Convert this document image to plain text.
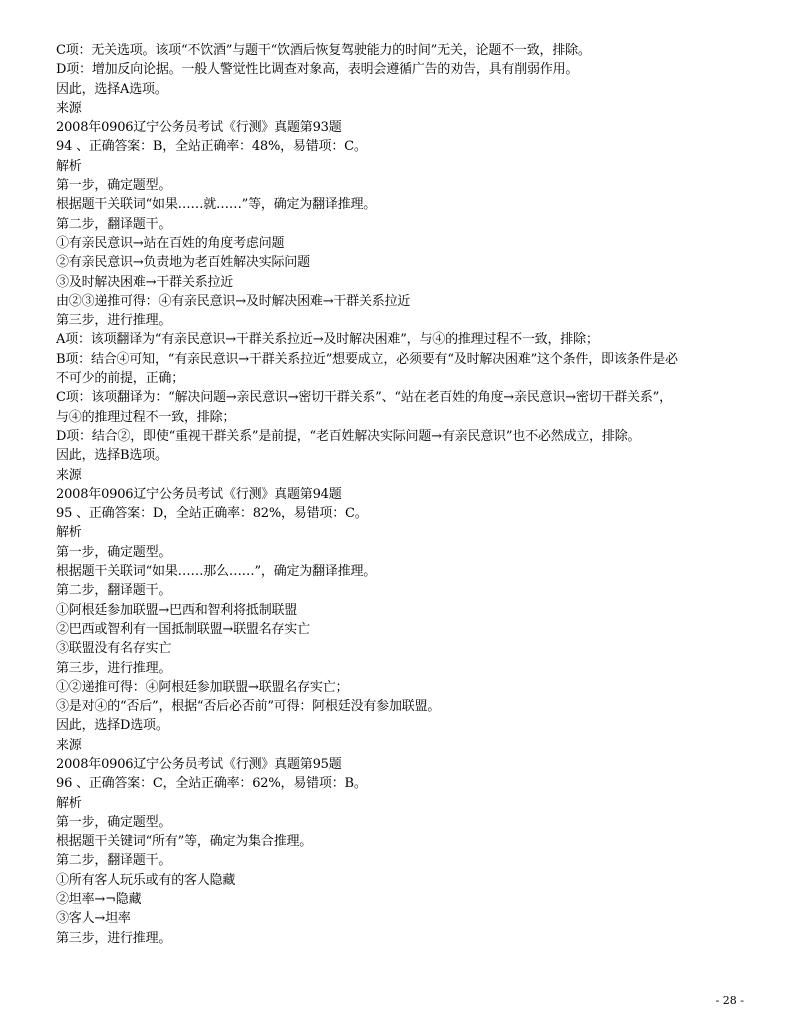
C项：无关选项。该项“不饮酒”与题干“饮酒后恢复驾驶能力的时间”无关，论题不一致，排除。
D项：增加反向论据。一般人警觉性比调查对象高，表明会遵循广告的劝告，具有削弱作用。
因此，选择A选项。
来源
2008年0906辽宁公务员考试《行测》真题第93题
94 、正确答案：B，全站正确率：48%，易错项：C。
解析
第一步，确定题型。
根据题干关联词“如果……就……”等，确定为翻译推理。
第二步，翻译题干。
①有亲民意识→站在百姓的角度考虑问题
②有亲民意识→负责地为老百姓解决实际问题
③及时解决困难→干群关系拉近
由②③递推可得：④有亲民意识→及时解决困难→干群关系拉近
第三步，进行推理。
A项：该项翻译为“有亲民意识→干群关系拉近→及时解决困难”，与④的推理过程不一致，排除；
B项：结合④可知，“有亲民意识→干群关系拉近”想要成立，必须要有“及时解决困难”这个条件，即该条件是必
不可少的前提，正确；
C项：该项翻译为：“解决问题→亲民意识→密切干群关系”、“站在老百姓的角度→亲民意识→密切干群关系”，
与④的推理过程不一致，排除；
D项：结合②，即使“重视干群关系”是前提，“老百姓解决实际问题→有亲民意识”也不必然成立，排除。
因此，选择B选项。
来源
2008年0906辽宁公务员考试《行测》真题第94题
95 、正确答案：D，全站正确率：82%，易错项：C。
解析
第一步，确定题型。
根据题干关联词“如果……那么……”，确定为翻译推理。
第二步，翻译题干。
①阿根廷参加联盟→巴西和智利将抵制联盟
②巴西或智利有一国抵制联盟→联盟名存实亡
③联盟没有名存实亡
第三步，进行推理。
①②递推可得：④阿根廷参加联盟→联盟名存实亡；
③是对④的“否后”，根据“否后必否前”可得：阿根廷没有参加联盟。
因此，选择D选项。
来源
2008年0906辽宁公务员考试《行测》真题第95题
96 、正确答案：C，全站正确率：62%，易错项：B。
解析
第一步，确定题型。
根据题干关键词“所有”等，确定为集合推理。
第二步，翻译题干。
①所有客人玩乐或有的客人隐藏
②坦率→¬隐藏
③客人→坦率
第三步，进行推理。
- 28 -
